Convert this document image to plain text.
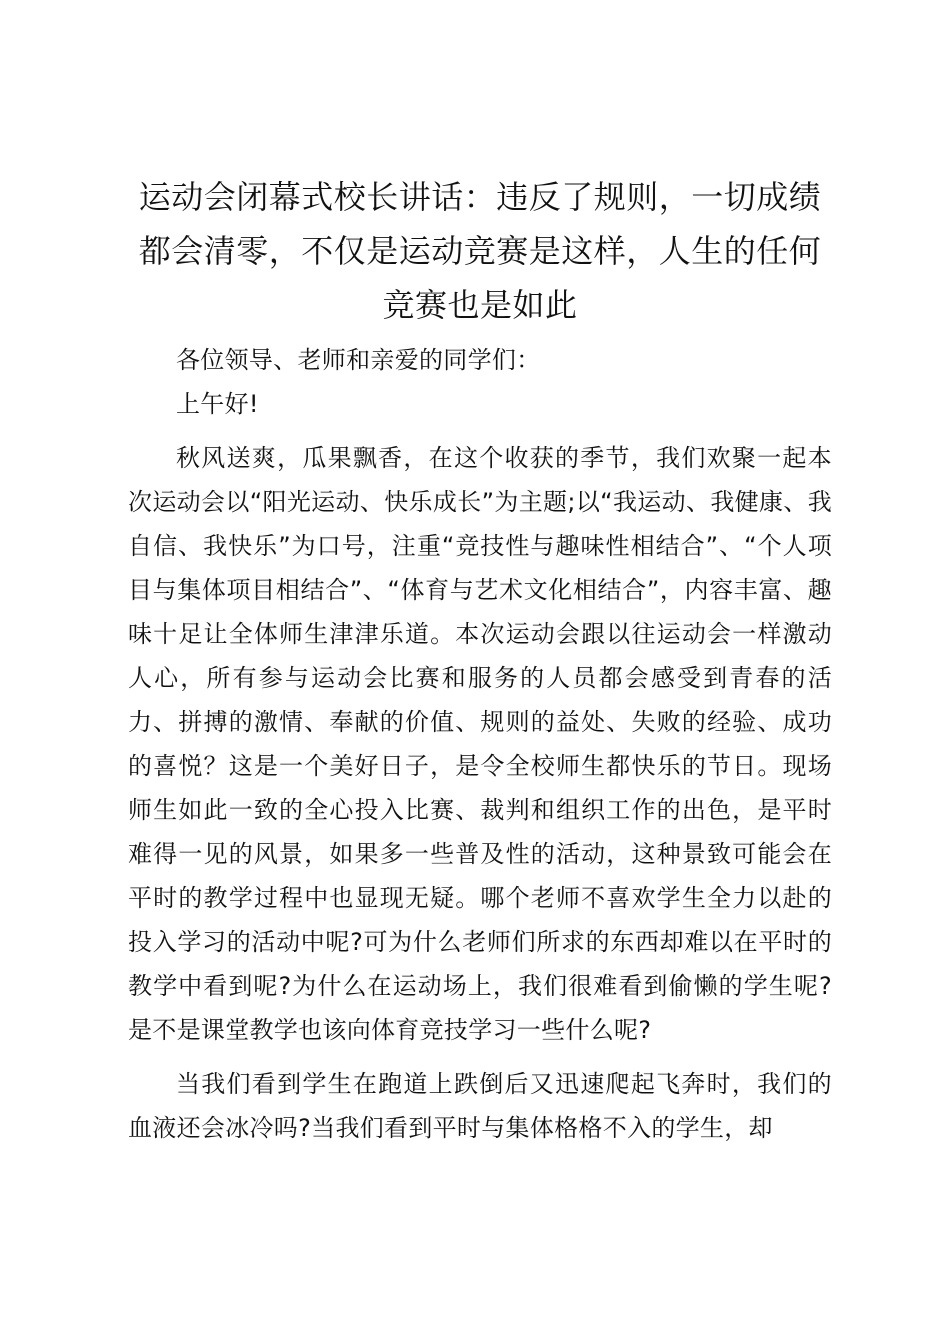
运动会闭幕式校长讲话：违反了规则，一切成绩都会清零，不仅是运动竞赛是这样，人生的任何竞赛也是如此

各位领导、老师和亲爱的同学们：

上午好!

秋风送爽，瓜果飘香，在这个收获的季节，我们欢聚一起本次运动会以“阳光运动、快乐成长”为主题;以“我运动、我健康、我自信、我快乐”为口号，注重“竞技性与趣味性相结合”、“个人项目与集体项目相结合”、“体育与艺术文化相结合”，内容丰富、趣味十足让全体师生津津乐道。本次运动会跟以往运动会一样激动人心，所有参与运动会比赛和服务的人员都会感受到青春的活力、拼搏的激情、奉献的价值、规则的益处、失败的经验、成功的喜悦？这是一个美好日子，是令全校师生都快乐的节日。现场师生如此一致的全心投入比赛、裁判和组织工作的出色，是平时难得一见的风景，如果多一些普及性的活动，这种景致可能会在平时的教学过程中也显现无疑。哪个老师不喜欢学生全力以赴的投入学习的活动中呢?可为什么老师们所求的东西却难以在平时的教学中看到呢?为什么在运动场上，我们很难看到偷懒的学生呢?是不是课堂教学也该向体育竞技学习一些什么呢?

当我们看到学生在跑道上跌倒后又迅速爬起飞奔时，我们的血液还会冰冷吗?当我们看到平时与集体格格不入的学生，却
